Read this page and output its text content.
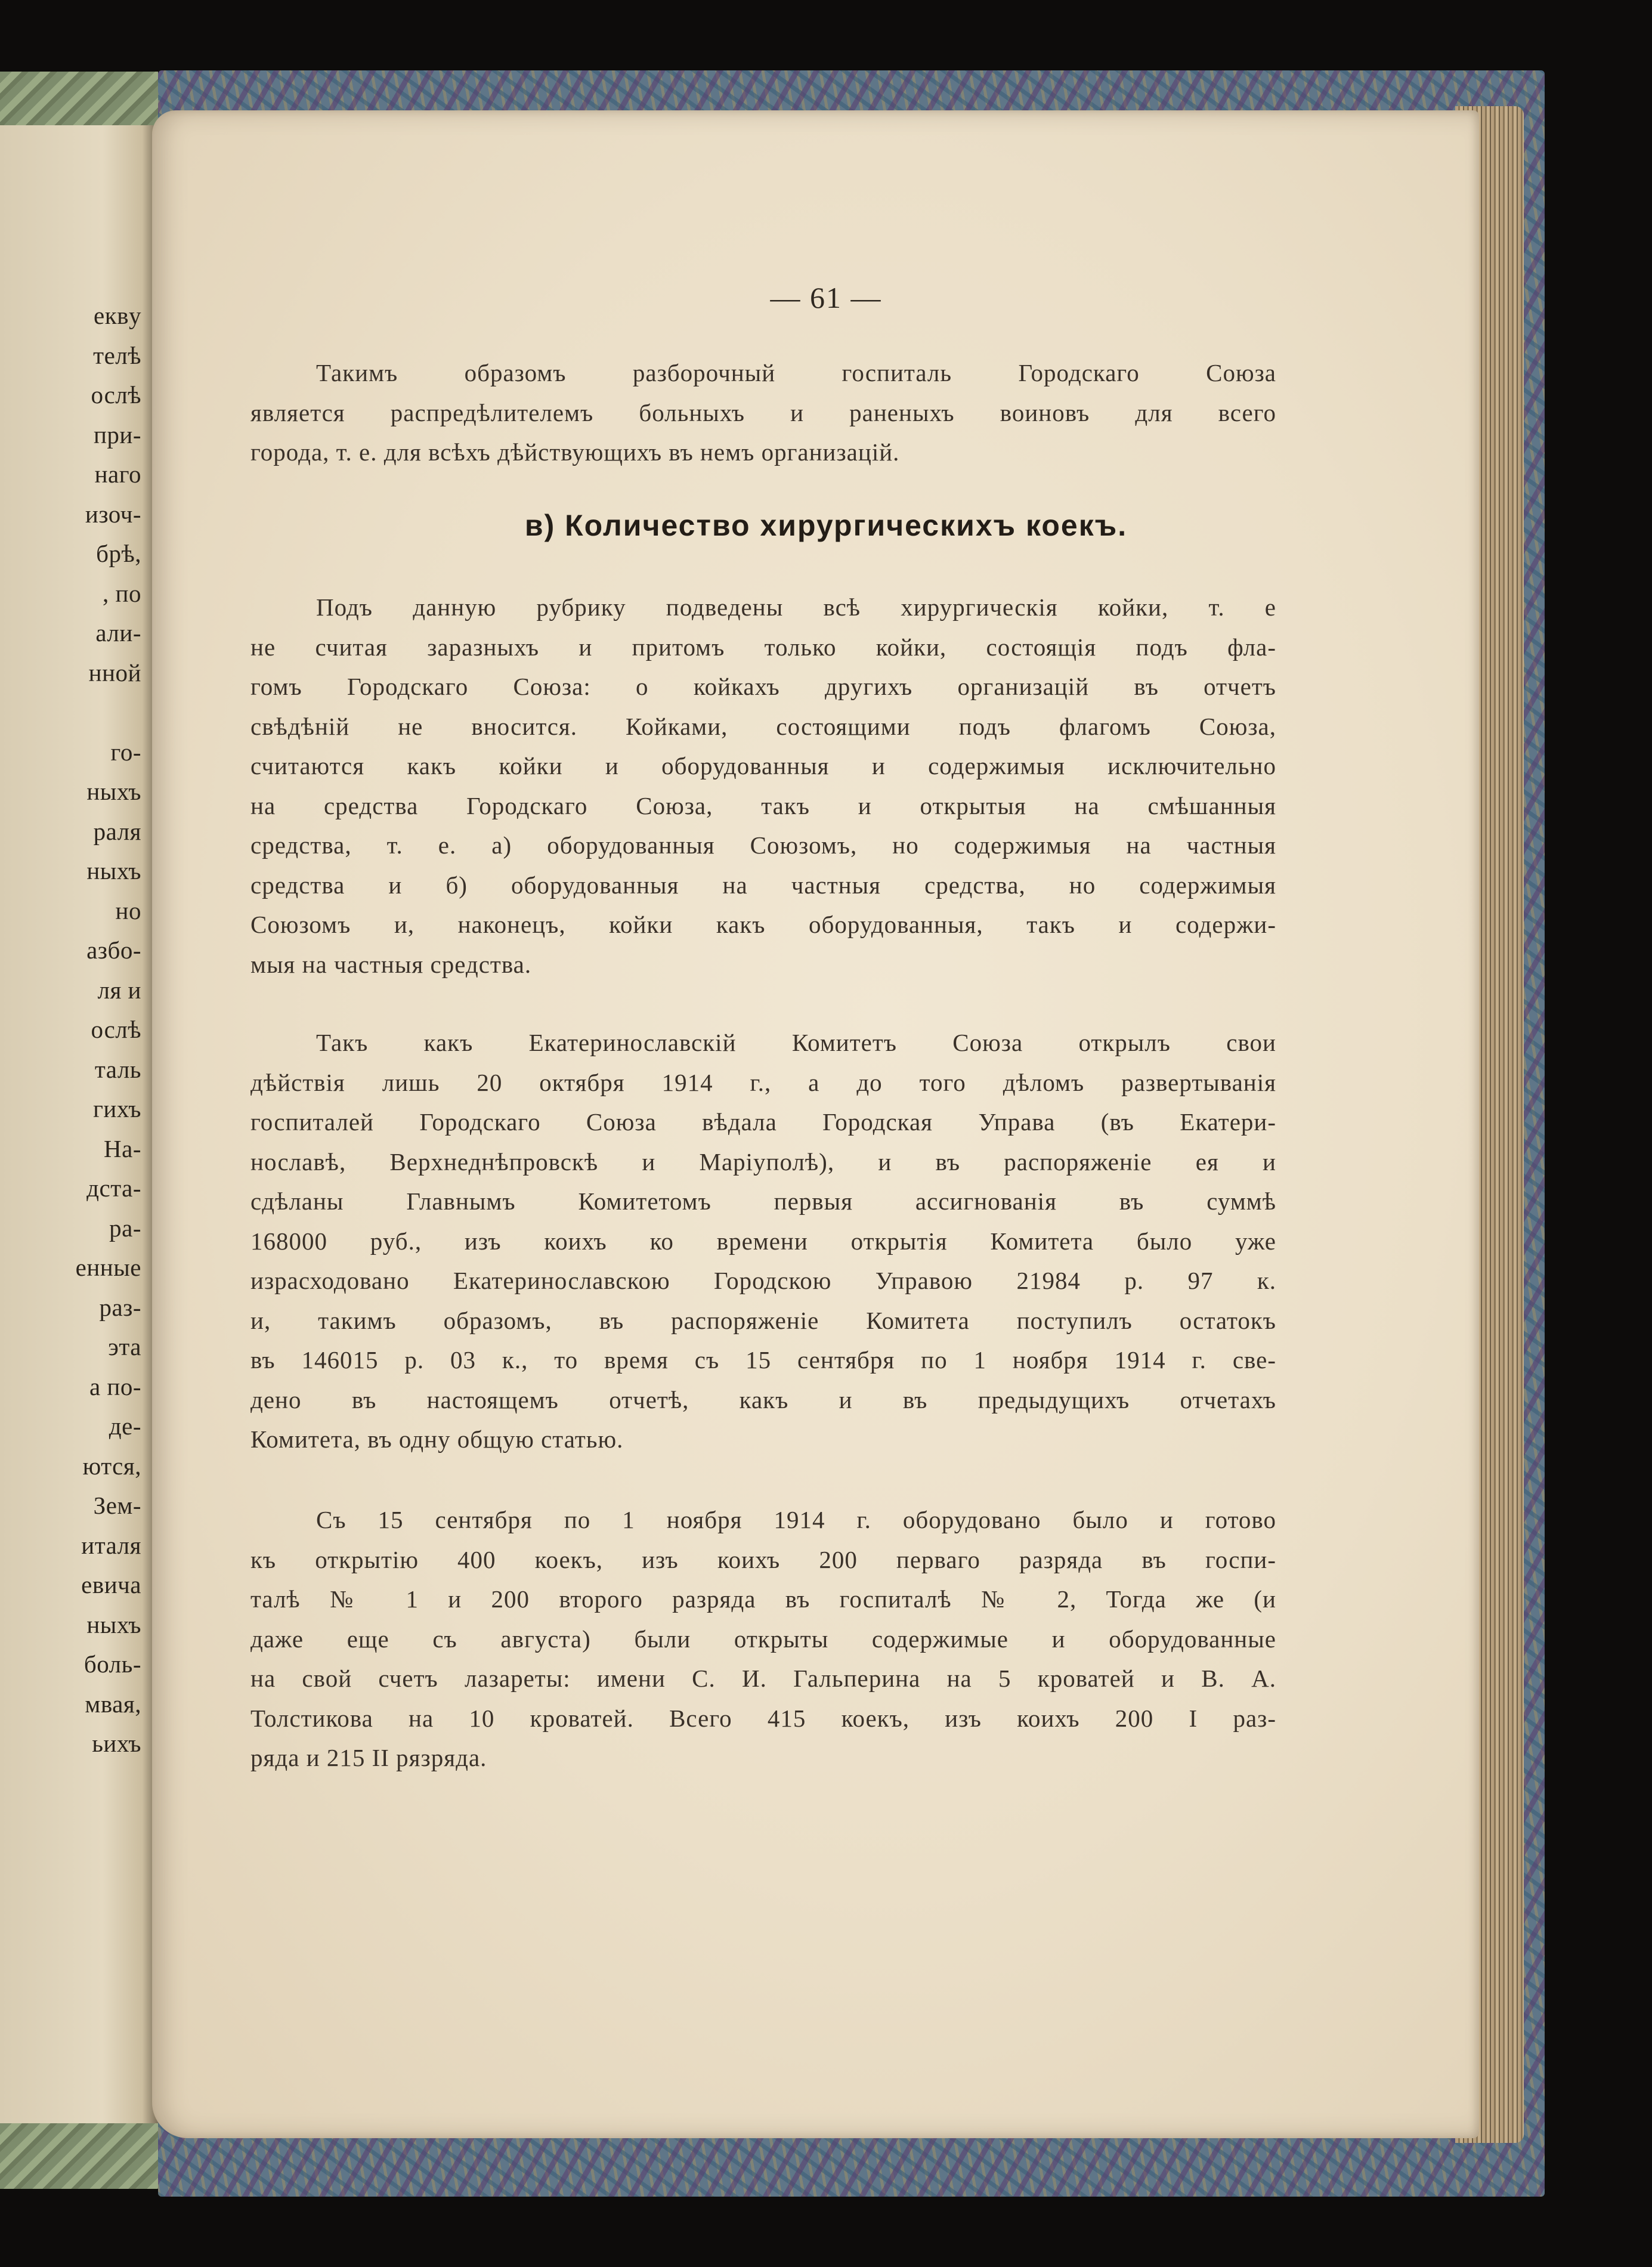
еквy
телѣ
ослѣ
при-
наго
изоч-
брѣ,
, по
али-
нной
го-
ныхъ
раля
ныхъ
но
азбо-
ля и
ослѣ
таль
гихъ
На-
дста-
ра-
енные
раз-
эта
а по-
де-
ются,
Зем-
италя
евича
ныхъ
боль-
мвая,
ьихъ
— 61 —
в) Количество хирургическихъ коекъ.
Такимъ образомъ разборочный госпиталь Городскаго Союза
является распредѣлителемъ больныхъ и раненыхъ воиновъ для всего
города, т. е. для всѣхъ дѣйствующихъ въ немъ организацій.
Подъ данную рубрику подведены всѣ хирургическія койки, т. е
не считая заразныхъ и притомъ только койки, состоящія подъ фла-
гомъ Городскаго Союза: о койкахъ другихъ организацій въ отчетъ
свѣдѣній не вносится. Койками, состоящими подъ флагомъ Союза,
считаются какъ койки и оборудованныя и содержимыя исключительно
на средства Городскаго Союза, такъ и открытыя на смѣшанныя
средства, т. е. а) оборудованныя Союзомъ, но содержимыя на частныя
средства и б) оборудованныя на частныя средства, но содержимыя
Союзомъ и, наконецъ, койки какъ оборудованныя, такъ и содержи-
мыя на частныя средства.
Такъ какъ Екатеринославскій Комитетъ Союза открылъ свои
дѣйствія лишь 20 октября 1914 г., а до того дѣломъ развертыванія
госпиталей Городскаго Союза вѣдала Городская Управа (въ Екатери-
нославѣ, Верхнеднѣпровскѣ и Маріуполѣ), и въ распоряженіе ея и
сдѣланы Главнымъ Комитетомъ первыя ассигнованія въ суммѣ
168000 руб., изъ коихъ ко времени открытія Комитета было уже
израсходовано Екатеринославскою Городскою Управою 21984 р. 97 к.
и, такимъ образомъ, въ распоряженіе Комитета поступилъ остатокъ
въ 146015 р. 03 к., то время съ 15 сентября по 1 ноября 1914 г. све-
дено въ настоящемъ отчетѣ, какъ и въ предыдущихъ отчетахъ
Комитета, въ одну общую статью.
Съ 15 сентября по 1 ноября 1914 г. оборудовано было и готово
къ открытію 400 коекъ, изъ коихъ 200 перваго разряда въ госпи-
талѣ № 1 и 200 второго разряда въ госпиталѣ № 2, Тогда же (и
даже еще съ августа) были открыты содержимые и оборудованные
на свой счетъ лазареты: имени С. И. Гальперина на 5 кроватей и В. А.
Толстикова на 10 кроватей. Всего 415 коекъ, изъ коихъ 200 I раз-
ряда и 215 II рязряда.
